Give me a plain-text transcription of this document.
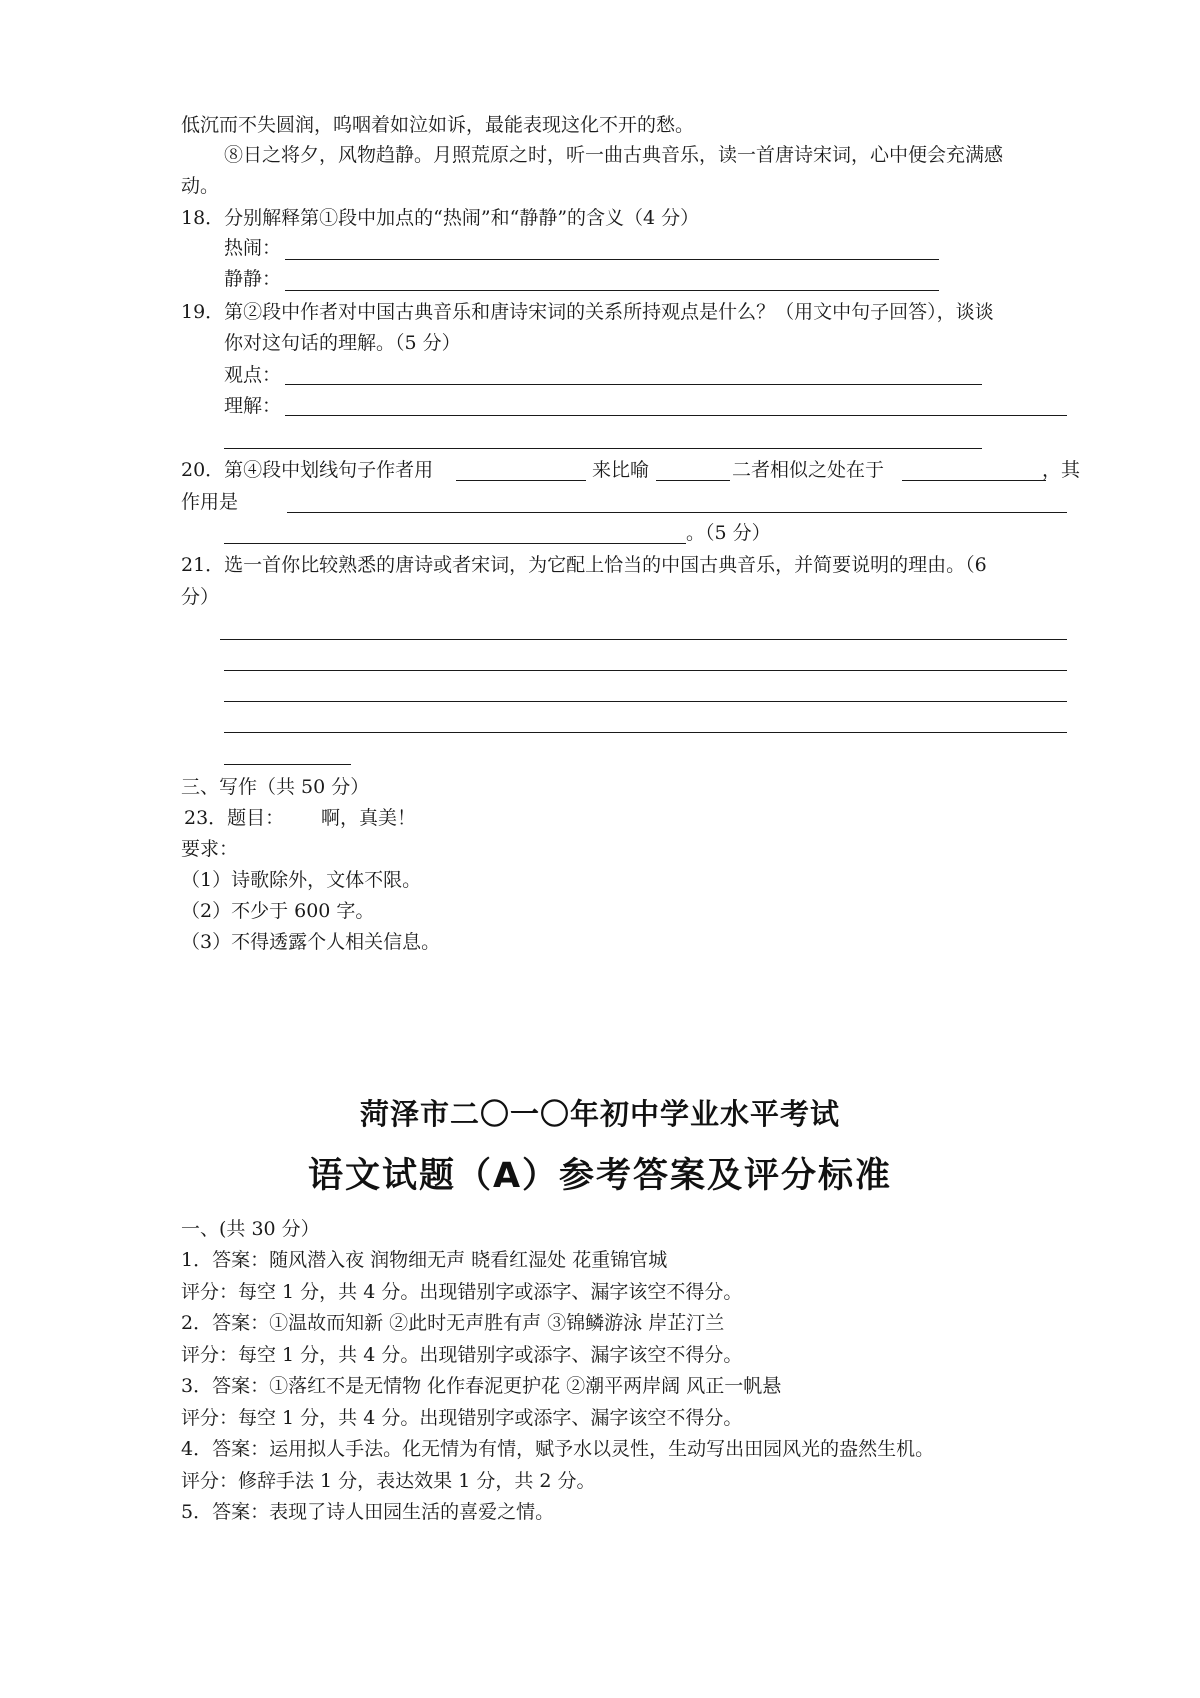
低沉而不失圆润，呜咽着如泣如诉，最能表现这化不开的愁。
⑧日之将夕，风物趋静。月照荒原之时，听一曲古典音乐，读一首唐诗宋词，心中便会充满感
动。
18．分别解释第①段中加点的“热闹”和“静静”的含义（4 分）
热闹：
静静：
19．第②段中作者对中国古典音乐和唐诗宋词的关系所持观点是什么？（用文中句子回答），谈谈
你对这句话的理解。（5 分）
观点：
理解：
20．第④段中划线句子作者用	来比喻	二者相似之处在于	，其
作用是
。（5 分）
21．选一首你比较熟悉的唐诗或者宋词，为它配上恰当的中国古典音乐，并简要说明的理由。（6
分）
三、写作（共 50 分）
23．题目： 啊，真美！
要求：
（1）诗歌除外，文体不限。
（2）不少于 600 字。
（3）不得透露个人相关信息。
菏泽市二〇一〇年初中学业水平考试
语文试题（A）参考答案及评分标准
一、(共 30 分）
1．答案：随风潜入夜 润物细无声 晓看红湿处 花重锦官城
评分：每空 1 分，共 4 分。出现错别字或添字、漏字该空不得分。
2．答案：①温故而知新 ②此时无声胜有声 ③锦鳞游泳 岸芷汀兰
评分：每空 1 分，共 4 分。出现错别字或添字、漏字该空不得分。
3．答案：①落红不是无情物 化作春泥更护花 ②潮平两岸阔 风正一帆悬
评分：每空 1 分，共 4 分。出现错别字或添字、漏字该空不得分。
4．答案：运用拟人手法。化无情为有情，赋予水以灵性，生动写出田园风光的盎然生机。
评分：修辞手法 1 分，表达效果 1 分，共 2 分。
5．答案：表现了诗人田园生活的喜爱之情。
